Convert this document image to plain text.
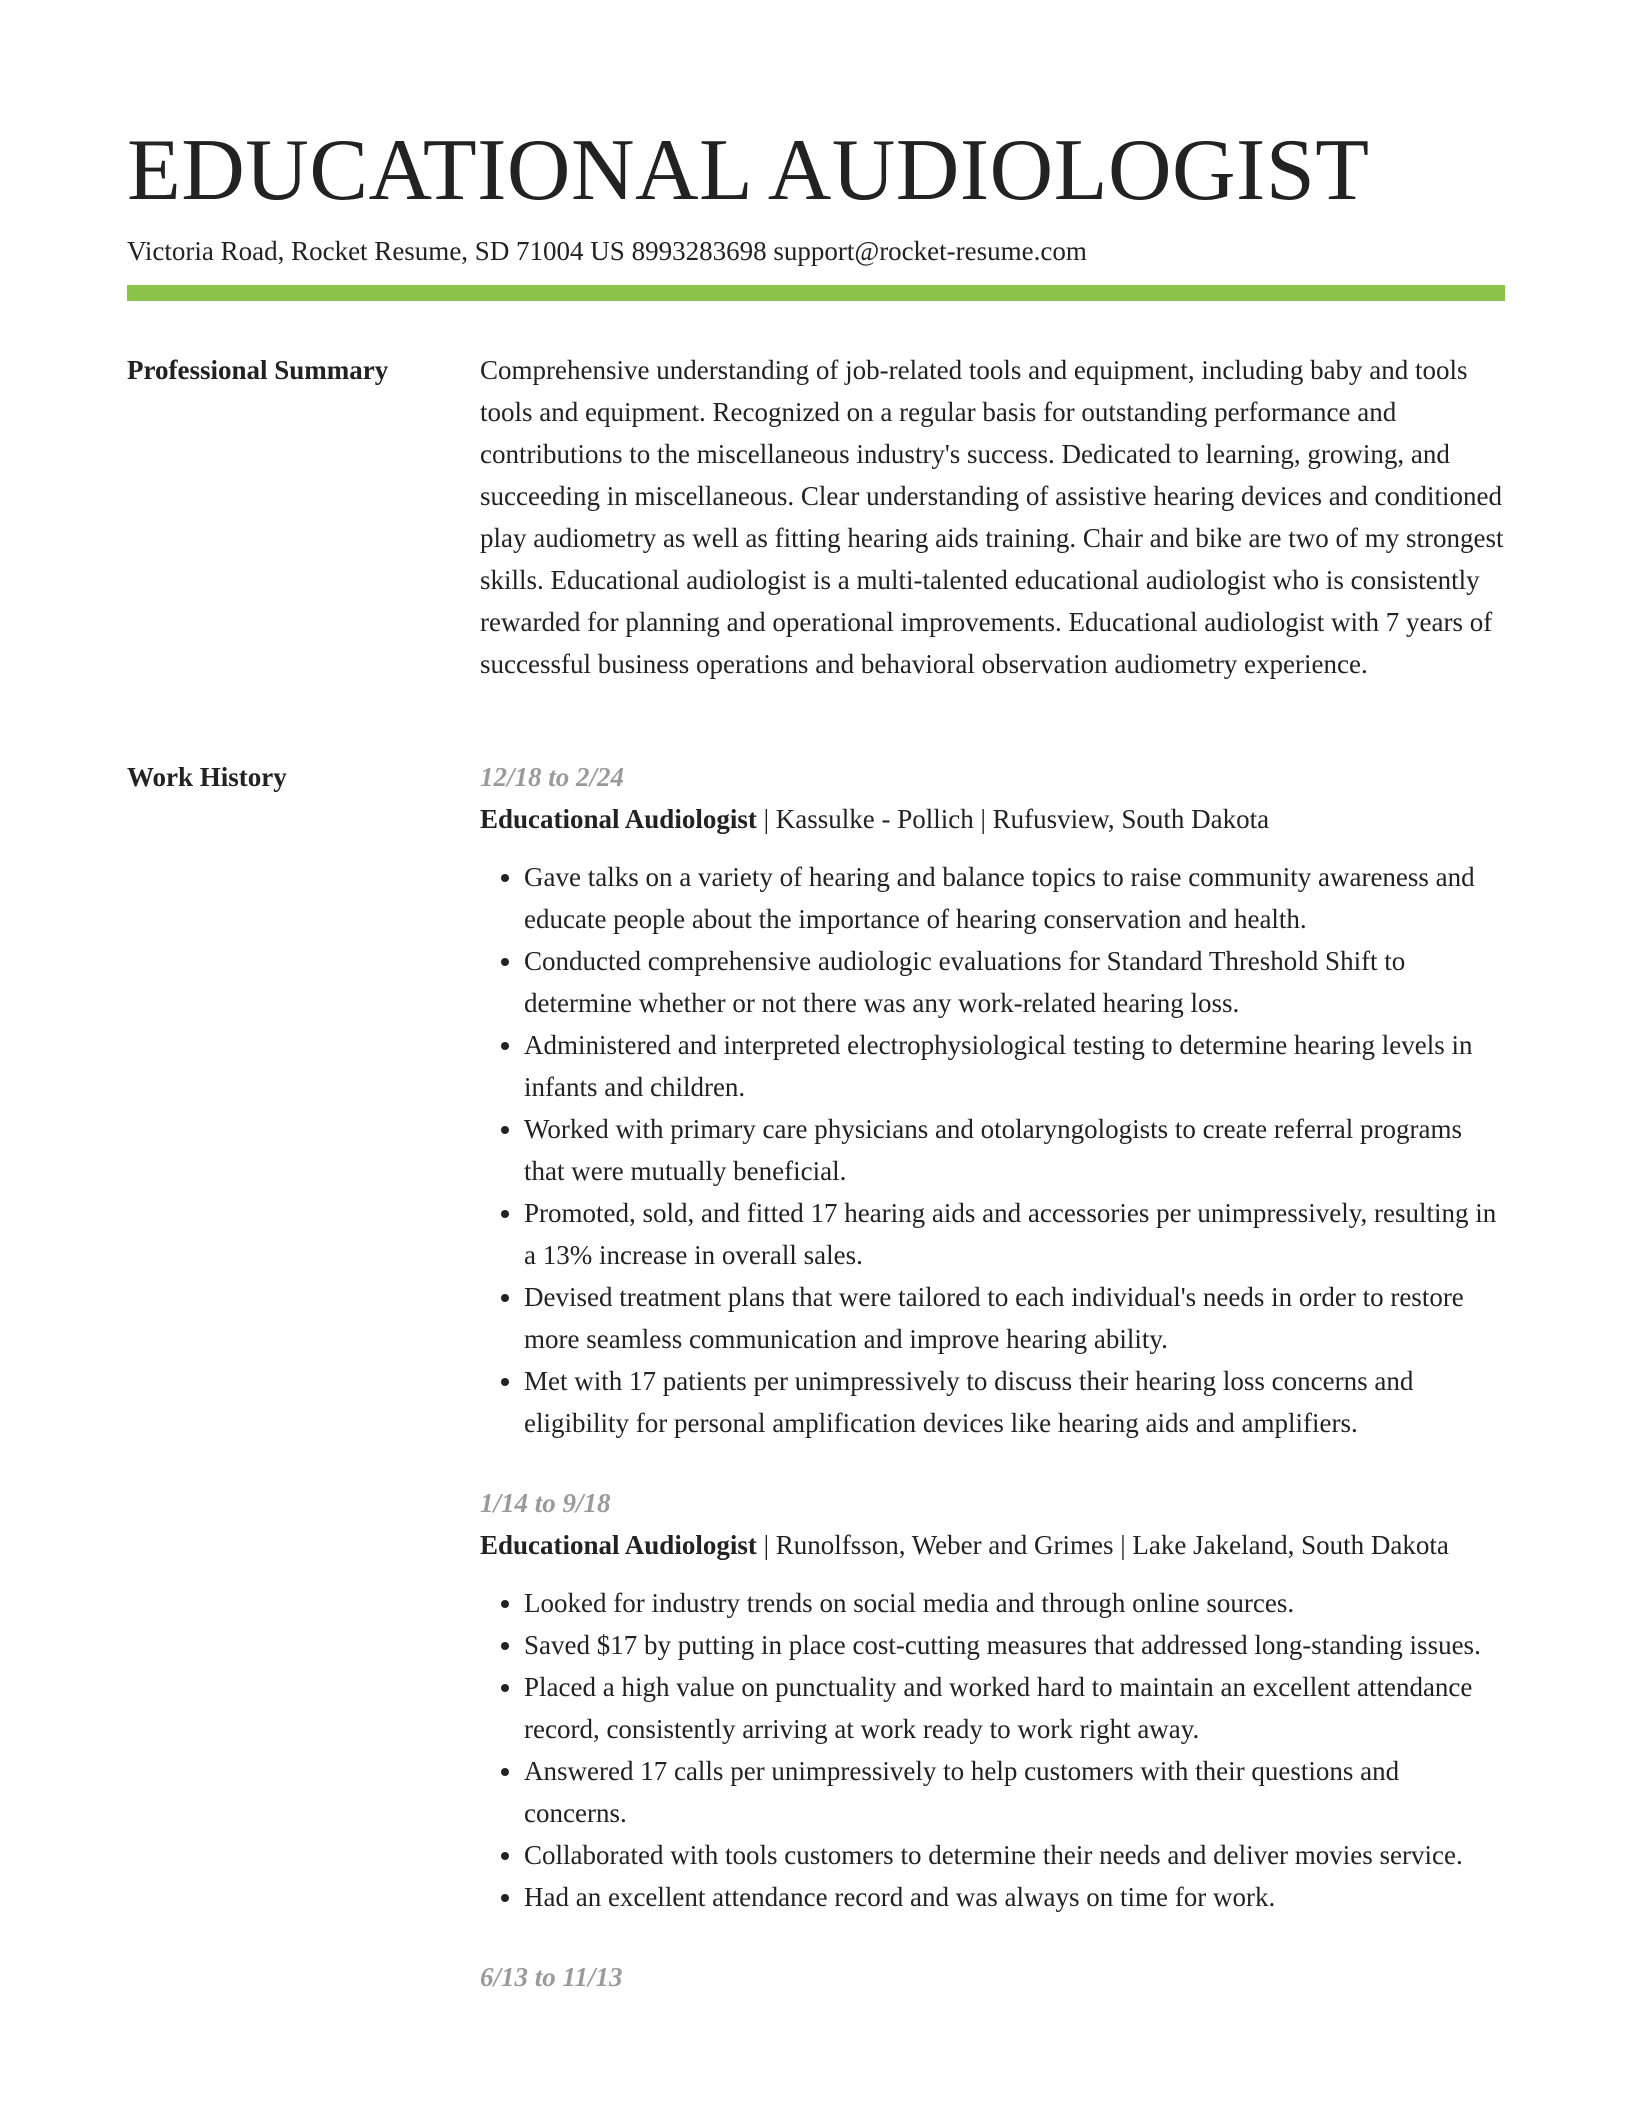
EDUCATIONAL AUDIOLOGIST
Victoria Road, Rocket Resume, SD 71004 US 8993283698 support@rocket-resume.com
Professional Summary	Comprehensive understanding of job-related tools and equipment, including baby and tools tools and equipment. Recognized on a regular basis for outstanding performance and contributions to the miscellaneous industry's success. Dedicated to learning, growing, and succeeding in miscellaneous. Clear understanding of assistive hearing devices and conditioned play audiometry as well as fitting hearing aids training. Chair and bike are two of my strongest skills. Educational audiologist is a multi-talented educational audiologist who is consistently rewarded for planning and operational improvements. Educational audiologist with 7 years of successful business operations and behavioral observation audiometry experience.

Work History	12/18 to 2/24
Educational Audiologist | Kassulke - Pollich | Rufusview, South Dakota
• Gave talks on a variety of hearing and balance topics to raise community awareness and educate people about the importance of hearing conservation and health.
• Conducted comprehensive audiologic evaluations for Standard Threshold Shift to determine whether or not there was any work-related hearing loss.
• Administered and interpreted electrophysiological testing to determine hearing levels in infants and children.
• Worked with primary care physicians and otolaryngologists to create referral programs that were mutually beneficial.
• Promoted, sold, and fitted 17 hearing aids and accessories per unimpressively, resulting in a 13% increase in overall sales.
• Devised treatment plans that were tailored to each individual's needs in order to restore more seamless communication and improve hearing ability.
• Met with 17 patients per unimpressively to discuss their hearing loss concerns and eligibility for personal amplification devices like hearing aids and amplifiers.
1/14 to 9/18
Educational Audiologist | Runolfsson, Weber and Grimes | Lake Jakeland, South Dakota
• Looked for industry trends on social media and through online sources.
• Saved $17 by putting in place cost-cutting measures that addressed long-standing issues.
• Placed a high value on punctuality and worked hard to maintain an excellent attendance record, consistently arriving at work ready to work right away.
• Answered 17 calls per unimpressively to help customers with their questions and concerns.
• Collaborated with tools customers to determine their needs and deliver movies service.
• Had an excellent attendance record and was always on time for work.
6/13 to 11/13
